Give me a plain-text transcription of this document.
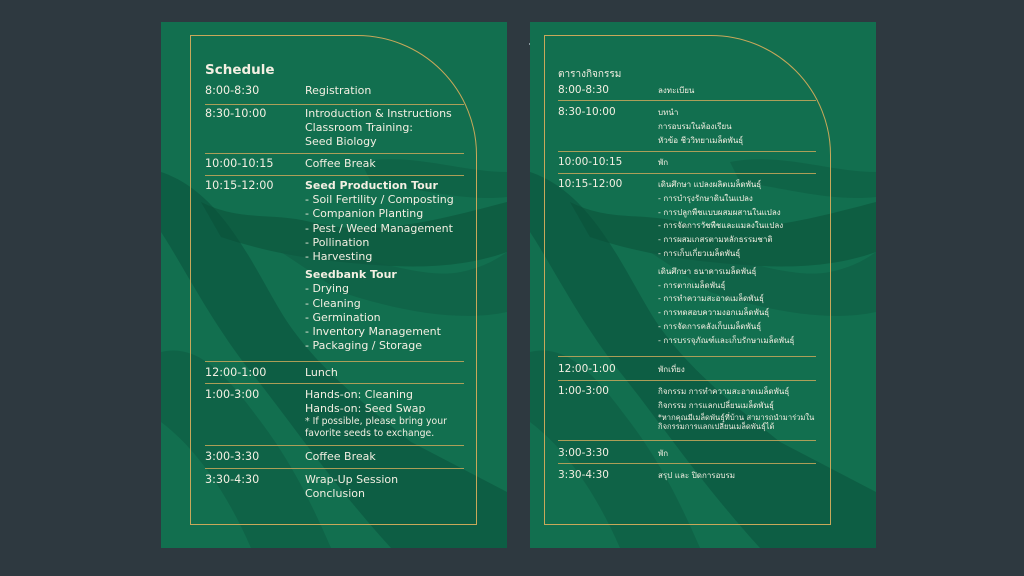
Schedule
8:00-8:30	Registration
8:30-10:00	Introduction & Instructions
Classroom Training:
Seed Biology
10:00-10:15	Coffee Break
10:15-12:00	Seed Production Tour
- Soil Fertility / Composting
- Companion Planting
- Pest / Weed Management
- Pollination
- Harvesting
Seedbank Tour
- Drying
- Cleaning
- Germination
- Inventory Management
- Packaging / Storage
12:00-1:00	Lunch
1:00-3:00	Hands-on: Cleaning
Hands-on: Seed Swap
* If possible, please bring your
favorite seeds to exchange.
3:00-3:30	Coffee Break
3:30-4:30	Wrap-Up Session
Conclusion
ตารางกิจกรรม
8:00-8:30	ลงทะเบียน
8:30-10:00	บทนำ
การอบรมในห้องเรียน
หัวข้อ ชีววิทยาเมล็ดพันธุ์
10:00-10:15	พัก
10:15-12:00	เดินศึกษา แปลงผลิตเมล็ดพันธุ์
- การบำรุงรักษาดินในแปลง
- การปลูกพืชแบบผสมผสานในแปลง
- การจัดการวัชพืชและแมลงในแปลง
- การผสมเกสรตามหลักธรรมชาติ
- การเก็บเกี่ยวเมล็ดพันธุ์
เดินศึกษา ธนาคารเมล็ดพันธุ์
- การตากเมล็ดพันธุ์
- การทำความสะอาดเมล็ดพันธุ์
- การทดสอบความงอกเมล็ดพันธุ์
- การจัดการคลังเก็บเมล็ดพันธุ์
- การบรรจุภัณฑ์และเก็บรักษาเมล็ดพันธุ์
12:00-1:00	พักเที่ยง
1:00-3:00	กิจกรรม การทำความสะอาดเมล็ดพันธุ์
กิจกรรม การแลกเปลี่ยนเมล็ดพันธุ์
*หากคุณมีเมล็ดพันธุ์ที่บ้าน สามารถนำมาร่วมใน
กิจกรรมการแลกเปลี่ยนเมล็ดพันธุ์ได้
3:00-3:30	พัก
3:30-4:30	สรุป และ ปิดการอบรม
